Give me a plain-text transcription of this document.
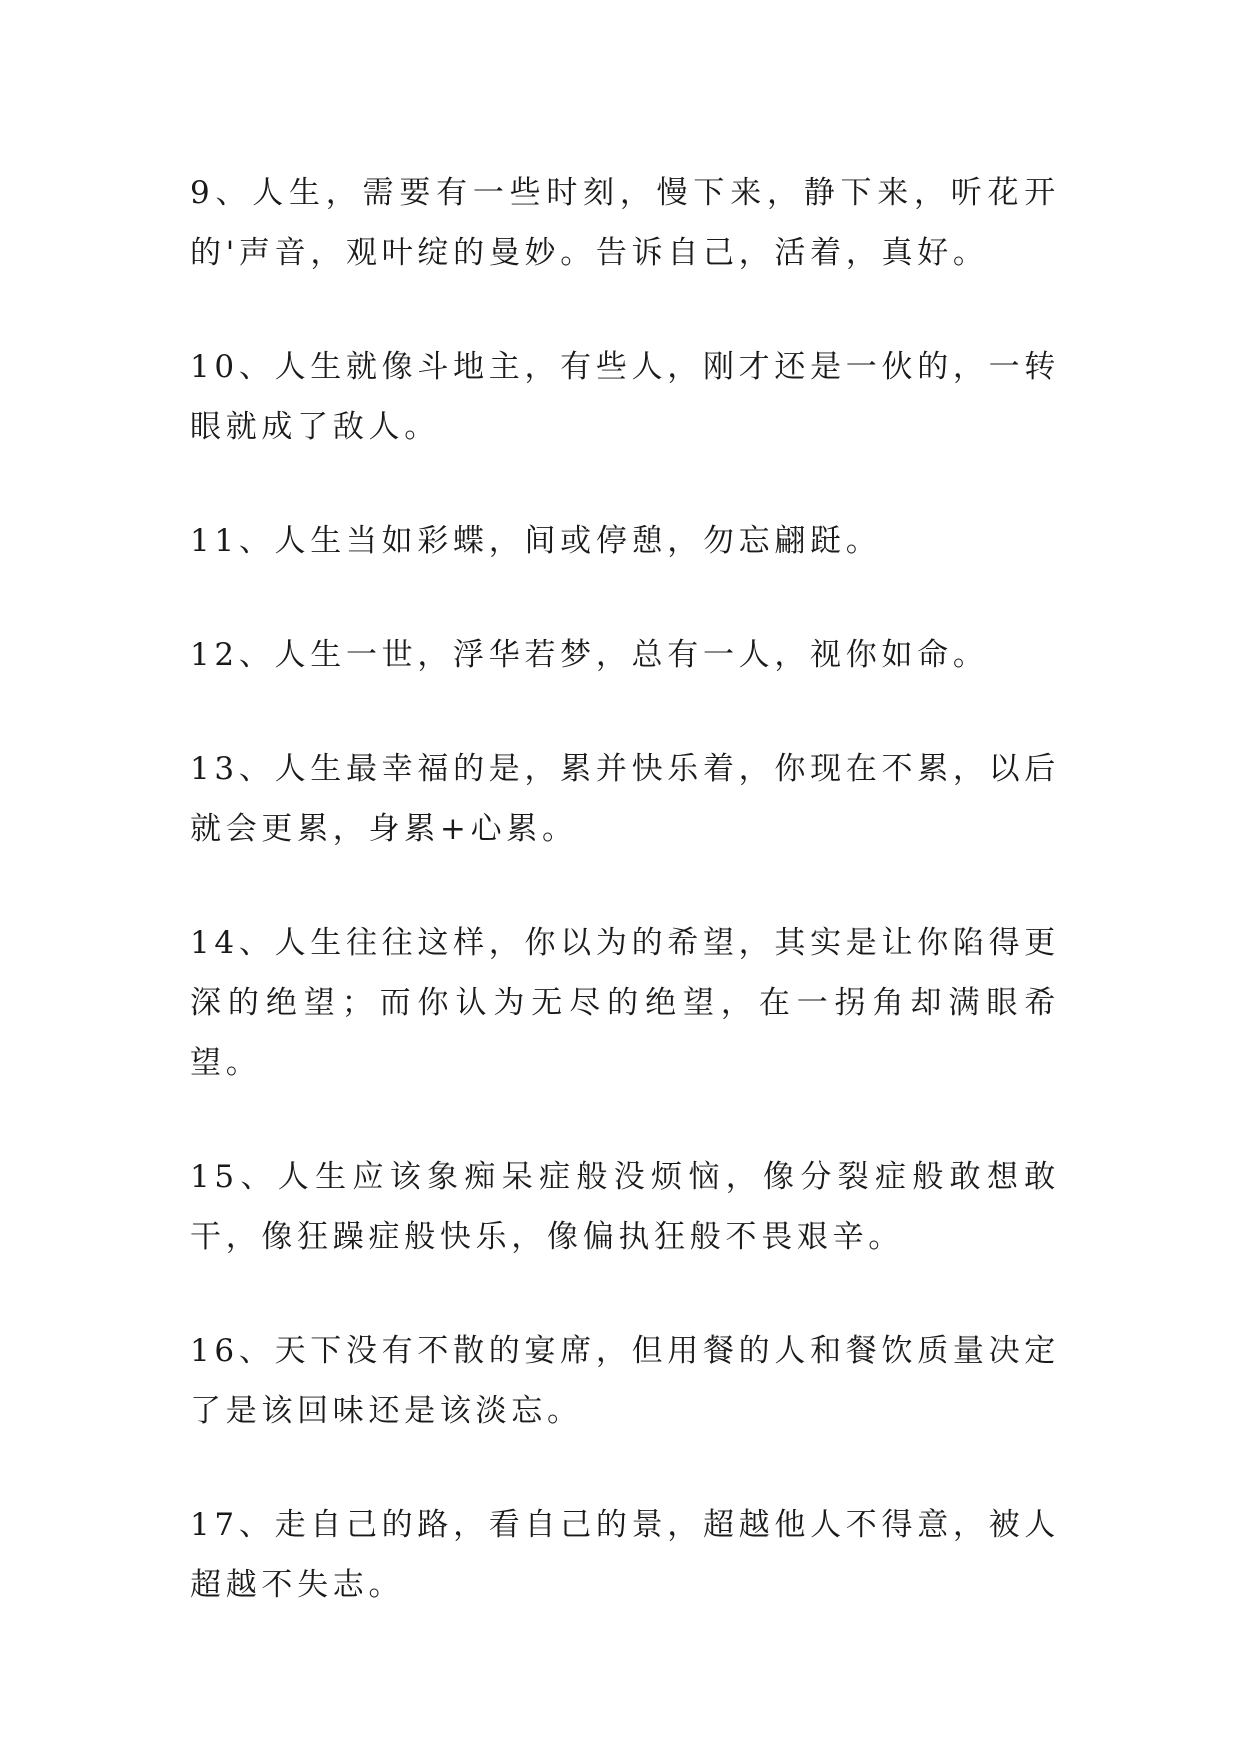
9、人生，需要有一些时刻，慢下来，静下来，听花开的'声音，观叶绽的曼妙。告诉自己，活着，真好。

10、人生就像斗地主，有些人，刚才还是一伙的，一转眼就成了敌人。

11、人生当如彩蝶，间或停憩，勿忘翩跹。

12、人生一世，浮华若梦，总有一人，视你如命。

13、人生最幸福的是，累并快乐着，你现在不累，以后就会更累，身累+心累。

14、人生往往这样，你以为的希望，其实是让你陷得更深的绝望；而你认为无尽的绝望，在一拐角却满眼希望。

15、人生应该象痴呆症般没烦恼，像分裂症般敢想敢干，像狂躁症般快乐，像偏执狂般不畏艰辛。

16、天下没有不散的宴席，但用餐的人和餐饮质量决定了是该回味还是该淡忘。

17、走自己的路，看自己的景，超越他人不得意，被人超越不失志。
